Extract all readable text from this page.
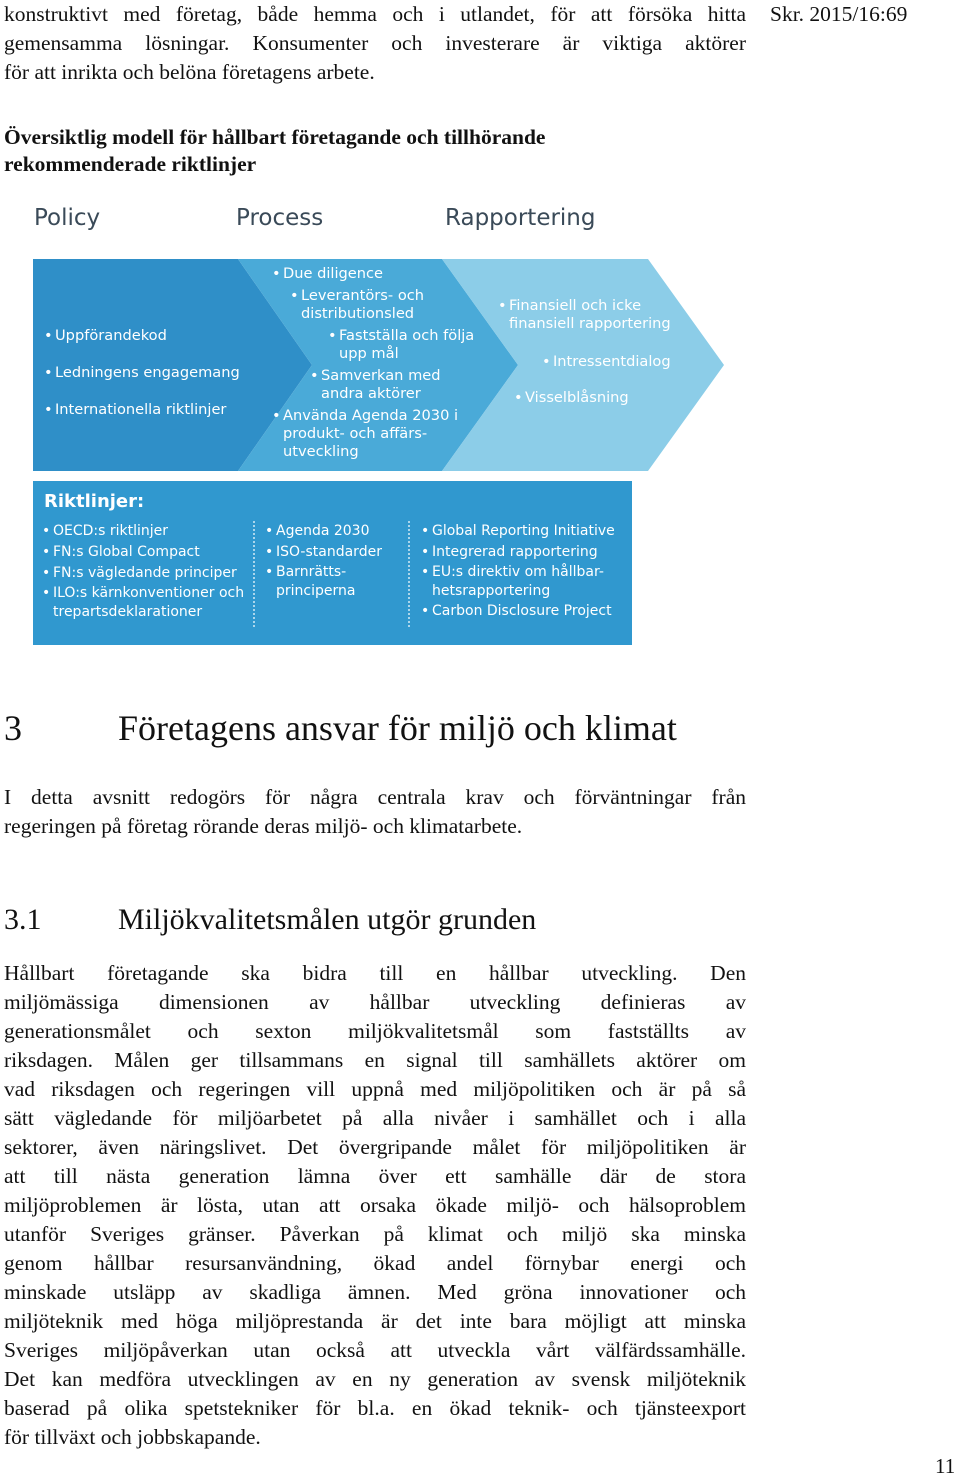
konstruktivt med företag, både hemma och i utlandet, för att försöka hitta
gemensamma lösningar. Konsumenter och investerare är viktiga aktörer
för att inrikta och belöna företagens arbete.
Skr. 2015/16:69
Översiktlig modell för hållbart företagande och tillhörande
rekommenderade riktlinjer
Policy	Process	Rapportering
• Uppförandekod
• Ledningens engagemang
• Internationella riktlinjer
• Due diligence
• Leverantörs- och distributionsled
• Fastställa och följa upp mål
• Samverkan med andra aktörer
• Använda Agenda 2030 i produkt- och affärs-utveckling
• Finansiell och icke finansiell rapportering
• Intressentdialog
• Visselblåsning
Riktlinjer:
• OECD:s riktlinjer
• FN:s Global Compact
• FN:s vägledande principer
• ILO:s kärnkonventioner och trepartsdeklarationer
• Agenda 2030
• ISO-standarder
• Barnrätts-principerna
• Global Reporting Initiative
• Integrerad rapportering
• EU:s direktiv om hållbar-hetsrapportering
• Carbon Disclosure Project
3	Företagens ansvar för miljö och klimat
I detta avsnitt redogörs för några centrala krav och förväntningar från
regeringen på företag rörande deras miljö- och klimatarbete.
3.1	Miljökvalitetsmålen utgör grunden
Hållbart företagande ska bidra till en hållbar utveckling. Den
miljömässiga dimensionen av hållbar utveckling definieras av
generationsmålet och sexton miljökvalitetsmål som fastställts av
riksdagen. Målen ger tillsammans en signal till samhällets aktörer om
vad riksdagen och regeringen vill uppnå med miljöpolitiken och är på så
sätt vägledande för miljöarbetet på alla nivåer i samhället och i alla
sektorer, även näringslivet. Det övergripande målet för miljöpolitiken är
att till nästa generation lämna över ett samhälle där de stora
miljöproblemen är lösta, utan att orsaka ökade miljö- och hälsoproblem
utanför Sveriges gränser. Påverkan på klimat och miljö ska minska
genom hållbar resursanvändning, ökad andel förnybar energi och
minskade utsläpp av skadliga ämnen. Med gröna innovationer och
miljöteknik med höga miljöprestanda är det inte bara möjligt att minska
Sveriges miljöpåverkan utan också att utveckla vårt välfärdssamhälle.
Det kan medföra utvecklingen av en ny generation av svensk miljöteknik
baserad på olika spetstekniker för bl.a. en ökad teknik- och tjänsteexport
för tillväxt och jobbskapande.
11
